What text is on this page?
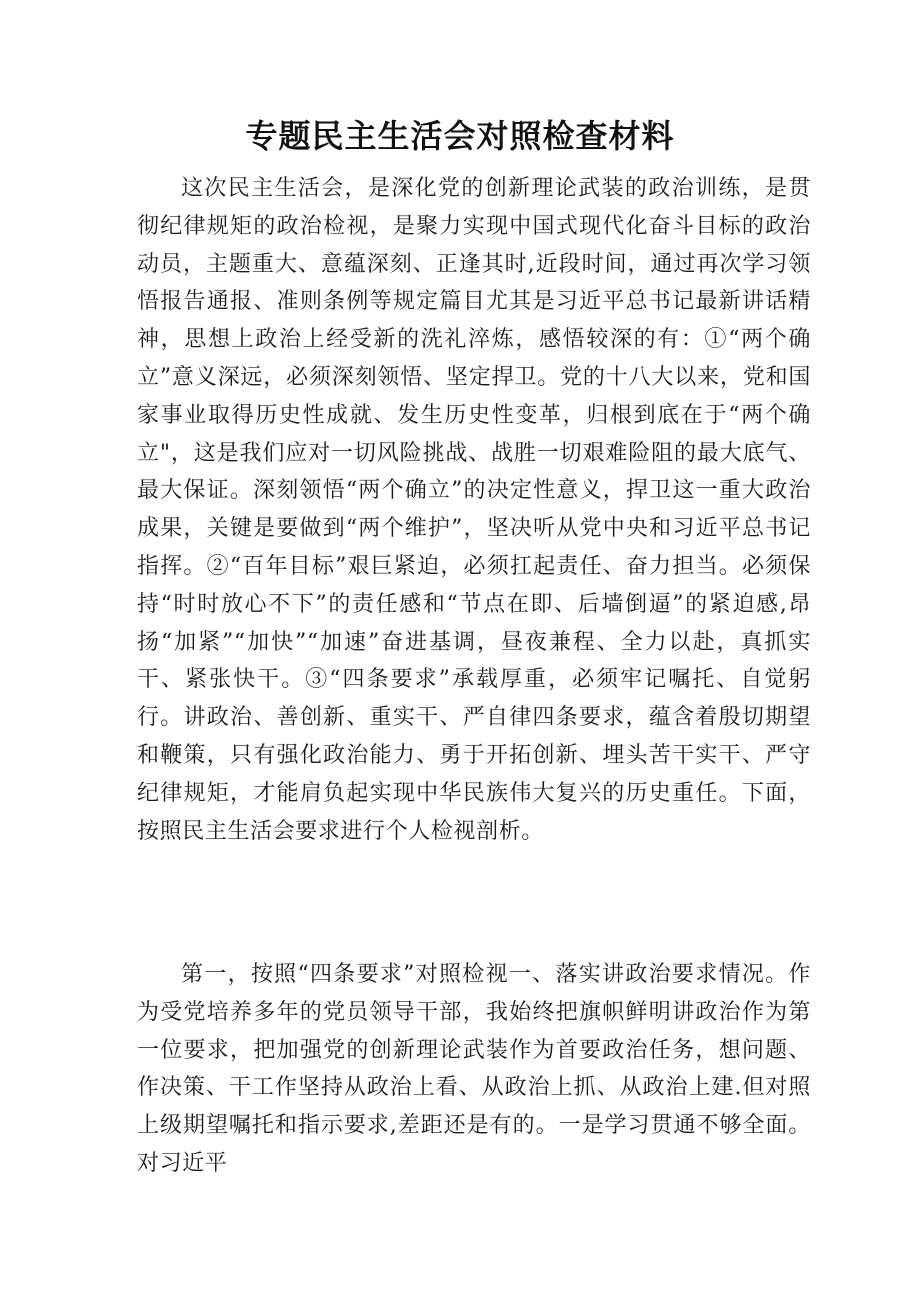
专题民主生活会对照检查材料

这次民主生活会，是深化党的创新理论武装的政治训练，是贯彻纪律规矩的政治检视，是聚力实现中国式现代化奋斗目标的政治动员，主题重大、意蕴深刻、正逢其时,近段时间，通过再次学习领悟报告通报、准则条例等规定篇目尤其是习近平总书记最新讲话精神，思想上政治上经受新的洗礼淬炼，感悟较深的有：①“两个确立”意义深远，必须深刻领悟、坚定捍卫。党的十八大以来，党和国家事业取得历史性成就、发生历史性变革，归根到底在于“两个确立"，这是我们应对一切风险挑战、战胜一切艰难险阻的最大底气、最大保证。深刻领悟“两个确立”的决定性意义，捍卫这一重大政治成果，关键是要做到“两个维护”，坚决听从党中央和习近平总书记指挥。②“百年目标”艰巨紧迫，必须扛起责任、奋力担当。必须保持“时时放心不下”的责任感和“节点在即、后墙倒逼”的紧迫感,昂扬“加紧”“加快”“加速”奋进基调，昼夜兼程、全力以赴，真抓实干、紧张快干。③“四条要求”承载厚重，必须牢记嘱托、自觉躬行。讲政治、善创新、重实干、严自律四条要求，蕴含着殷切期望和鞭策，只有强化政治能力、勇于开拓创新、埋头苦干实干、严守纪律规矩，才能肩负起实现中华民族伟大复兴的历史重任。下面，按照民主生活会要求进行个人检视剖析。

第一，按照“四条要求”对照检视一、落实讲政治要求情况。作为受党培养多年的党员领导干部，我始终把旗帜鲜明讲政治作为第一位要求，把加强党的创新理论武装作为首要政治任务，想问题、作决策、干工作坚持从政治上看、从政治上抓、从政治上建.但对照上级期望嘱托和指示要求,差距还是有的。一是学习贯通不够全面。对习近平
